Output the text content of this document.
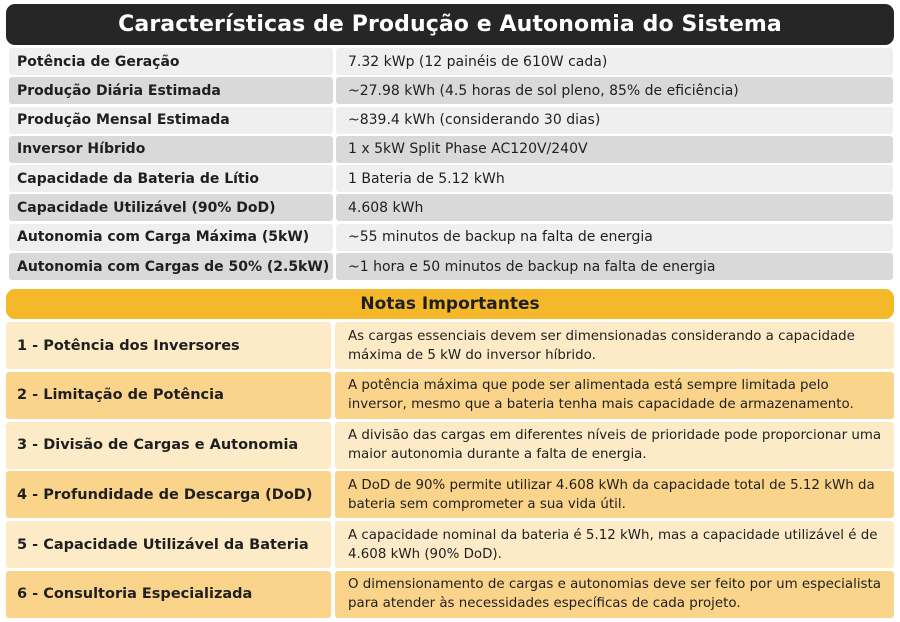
Características de Produção e Autonomia do Sistema
Potência de Geração	7.32 kWp (12 painéis de 610W cada)
Produção Diária Estimada	~27.98 kWh (4.5 horas de sol pleno, 85% de eficiência)
Produção Mensal Estimada	~839.4 kWh (considerando 30 dias)
Inversor Híbrido	1 x 5kW Split Phase AC120V/240V
Capacidade da Bateria de Lítio	1 Bateria de 5.12 kWh
Capacidade Utilizável (90% DoD)	4.608 kWh
Autonomia com Carga Máxima (5kW)	~55 minutos de backup na falta de energia
Autonomia com Cargas de 50% (2.5kW)	~1 hora e 50 minutos de backup na falta de energia
Notas Importantes
1 - Potência dos Inversores
As cargas essenciais devem ser dimensionadas considerando a capacidade máxima de 5 kW do inversor híbrido.
2 - Limitação de Potência
A potência máxima que pode ser alimentada está sempre limitada pelo inversor, mesmo que a bateria tenha mais capacidade de armazenamento.
3 - Divisão de Cargas e Autonomia
A divisão das cargas em diferentes níveis de prioridade pode proporcionar uma maior autonomia durante a falta de energia.
4 - Profundidade de Descarga (DoD)
A DoD de 90% permite utilizar 4.608 kWh da capacidade total de 5.12 kWh da bateria sem comprometer a sua vida útil.
5 - Capacidade Utilizável da Bateria
A capacidade nominal da bateria é 5.12 kWh, mas a capacidade utilizável é de 4.608 kWh (90% DoD).
6 - Consultoria Especializada
O dimensionamento de cargas e autonomias deve ser feito por um especialista para atender às necessidades específicas de cada projeto.
